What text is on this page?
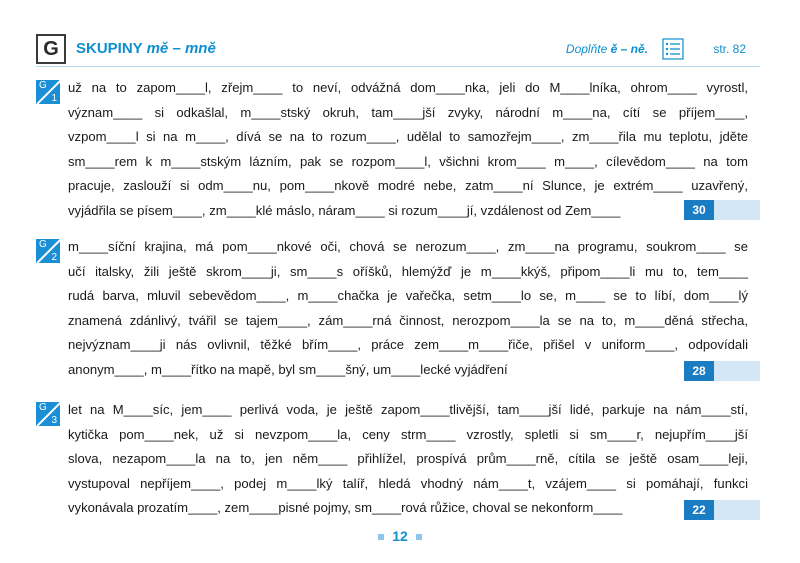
G	SKUPINY mě – mně	Doplňte ě – ně.	str. 82
G
1
už na to zapom____l, zřejm____ to neví, odvážná dom____nka, jeli do M____lníka, ohrom____ vyrostl,
význam____ si odkašlal, m____stský okruh, tam____jší zvyky, národní m____na, cítí se příjem____,
vzpom____l si na m____, dívá se na to rozum____, udělal to samozřejm____, zm____řila mu teplotu, jděte
sm____rem k m____stským lázním, pak se rozpom____l, všichni krom____ m____, cílevědom____ na tom
pracuje, zaslouží si odm____nu, pom____nkově modré nebe, zatm____ní Slunce, je extrém____ uzavřený,
vyjádřila se písem____, zm____klé máslo, náram____ si rozum____jí, vzdálenost od Zem____	30
G
2
m____síční krajina, má pom____nkové oči, chová se nerozum____, zm____na programu, soukrom____ se
učí italsky, žili ještě skrom____ji, sm____s oříšků, hlemýžď je m____kkýš, připom____li mu to, tem____
rudá barva, mluvil sebevědom____, m____chačka je vařečka, setm____lo se, m____ se to líbí, dom____lý
znamená zdánlivý, tvářil se tajem____, zám____rná činnost, nerozpom____la se na to, m____děná střecha,
nejvýznam____ji nás ovlivnil, těžké břím____, práce zem____m____řiče, přišel v uniform____, odpovídali
anonym____, m____řítko na mapě, byl sm____šný, um____lecké vyjádření	28
G
3
let na M____síc, jem____ perlivá voda, je ještě zapom____tlivější, tam____jší lidé, parkuje na nám____stí,
kytička pom____nek, už si nevzpom____la, ceny strm____ vzrostly, spletli si sm____r, nejupřím____jší
slova, nezapom____la na to, jen něm____ přihlížel, prospívá prům____rně, cítila se ještě osam____leji,
vystupoval nepříjem____, podej m____lký talíř, hledá vhodný nám____t, vzájem____ si pomáhají, funkci
vykonávala prozatím____, zem____pisné pojmy, sm____rová růžice, choval se nekonform____	22
12
